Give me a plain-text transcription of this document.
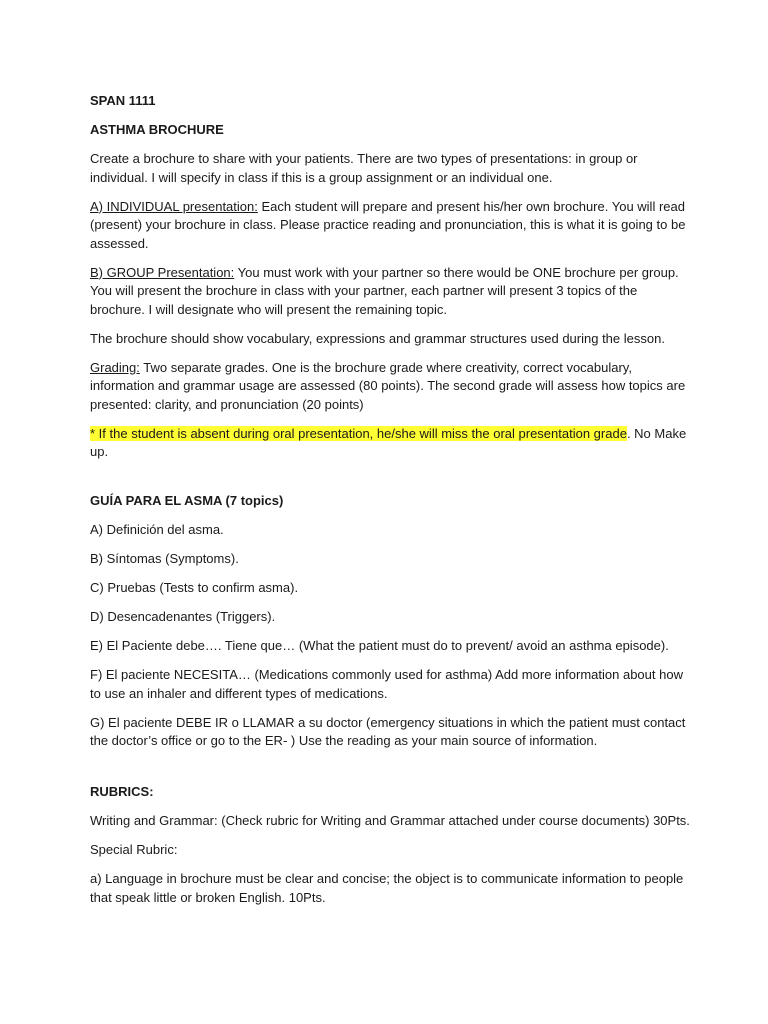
SPAN 1111

ASTHMA BROCHURE

Create a brochure to share with your patients. There are two types of presentations: in group or individual. I will specify in class if this is a group assignment or an individual one.

A) INDIVIDUAL presentation: Each student will prepare and present his/her own brochure. You will read (present) your brochure in class. Please practice reading and pronunciation, this is what it is going to be assessed.

B) GROUP Presentation: You must work with your partner so there would be ONE brochure per group. You will present the brochure in class with your partner, each partner will present 3 topics of the brochure. I will designate who will present the remaining topic.

The brochure should show vocabulary, expressions and grammar structures used during the lesson.

Grading: Two separate grades. One is the brochure grade where creativity, correct vocabulary, information and grammar usage are assessed (80 points). The second grade will assess how topics are presented: clarity, and pronunciation (20 points)

* If the student is absent during oral presentation, he/she will miss the oral presentation grade. No Make up.

GUÍA PARA EL ASMA (7 topics)

A) Definición del asma.

B) Síntomas (Symptoms).

C) Pruebas (Tests to confirm asma).

D) Desencadenantes (Triggers).

E) El Paciente debe…. Tiene que… (What the patient must do to prevent/ avoid an asthma episode).

F) El paciente NECESITA… (Medications commonly used for asthma) Add more information about how to use an inhaler and different types of medications.

G) El paciente DEBE IR o LLAMAR a su doctor (emergency situations in which the patient must contact the doctor’s office or go to the ER- ) Use the reading as your main source of information.

RUBRICS:

Writing and Grammar: (Check rubric for Writing and Grammar attached under course documents) 30Pts.

Special Rubric:

a) Language in brochure must be clear and concise; the object is to communicate information to people that speak little or broken English. 10Pts.
